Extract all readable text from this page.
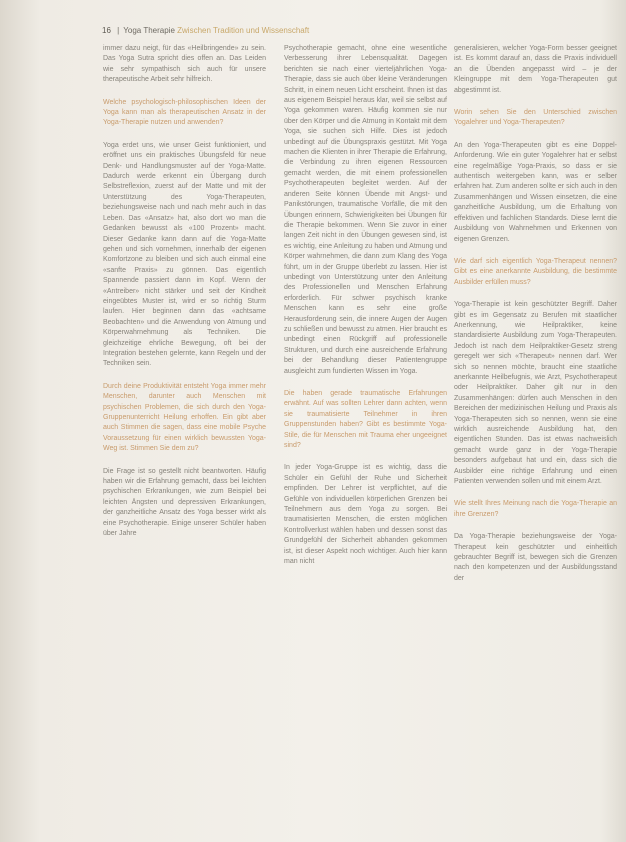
16 | Yoga Therapie Zwischen Tradition und Wissenschaft

immer dazu neigt, für das «Heilbringende» zu sein. Das Yoga Sutra spricht dies offen an. Das Leiden wie sehr sympathisch sich auch für unsere therapeutische Arbeit sehr hilfreich.

Welche psychologisch-philosophischen Ideen der Yoga kann man als therapeutischen Ansatz in der Yoga-Therapie nutzen und anwenden?

Yoga erdet uns, wie unser Geist funktioniert, und eröffnet uns ein praktisches Übungsfeld für neue Denk- und Handlungsmuster auf der Yoga-Matte. Dadurch werde erkennt ein Übergang durch Selbstreflexion, zuerst auf der Matte und mit der Unterstützung des Yoga-Therapeuten, beziehungsweise nach und nach mehr auch in das Leben. Das «Ansatz» hat, also dort wo man die Gedanken bewusst als «100 Prozent» macht. Dieser Gedanke kann dann auf die Yoga-Matte gehen und sich vornehmen, innerhalb der eigenen Komfortzone zu bleiben und sich auch einmal eine «sanfte Praxis» zu gönnen. Das eigentlich Spannende passiert dann im Kopf. Wenn der «Antreiber» nicht stärker und seit der Kindheit eingeübtes Muster ist, wird er so richtig Sturm laufen. Hier beginnen dann das «achtsame Beobachten» und die Anwendung von Atmung und Körperwahrnehmung als Techniken. Die gleichzeitige ehrliche Bewegung, oft bei der Integration bestehen gelernte, kann Regeln und der Techniken sein.

Durch deine Produktivität entsteht Yoga immer mehr Menschen, darunter auch Menschen mit psychischen Problemen, die sich durch den Yoga-Gruppenunterricht Heilung erhoffen. Ein gibt aber auch Stimmen die sagen, dass eine mobile Psyche Voraussetzung für einen wirklich bewussten Yoga-Weg ist. Stimmen Sie dem zu?

Die Frage ist so gestellt nicht beantworten. Häufig haben wir die Erfahrung gemacht, dass bei leichten psychischen Erkrankungen, wie zum Beispiel bei leichten Ängsten und depressiven Erkrankungen, der ganzheitliche Ansatz des Yoga besser wirkt als eine Psychotherapie. Einige unserer Schüler haben über Jahre

Psychotherapie gemacht, ohne eine wesentliche Verbesserung ihrer Lebensqualität. Dagegen berichten sie nach einer vierteljährlichen Yoga-Therapie, dass sie auch über kleine Veränderungen Schritt, in einem neuen Licht erscheint. Ihnen ist das aus eigenem Beispiel heraus klar, weil sie selbst auf Yoga gekommen waren. Häufig kommen sie nur über den Körper und die Atmung in Kontakt mit dem Yoga, sie suchen sich Hilfe. Dies ist jedoch unbedingt auf die Übungspraxis gestützt. Mit Yoga machen die Klienten in ihrer Therapie die Erfahrung, die Verbindung zu ihren eigenen Ressourcen gemacht werden, die mit einem professionellen Psychotherapeuten begleitet werden. Auf der anderen Seite können Übende mit Angst- und Panikstörungen, traumatische Vorfälle, die mit den Übungen erinnern, Schwierigkeiten bei Übungen für die Therapie bekommen. Wenn Sie zuvor in einer langen Zeit nicht in den Übungen gewesen sind, ist es wichtig, eine Anleitung zu haben und Atmung und Körper wahrnehmen, die dann zum Klang des Yoga führt, um in der Gruppe überlebt zu lassen. Hier ist unbedingt von Unterstützung unter den Anleitung des Professionellen und Menschen Erfahrung erforderlich. Für schwer psychisch kranke Menschen kann es sehr eine große Herausforderung sein, die innere Augen der Augen zu schließen und bewusst zu atmen. Hier braucht es unbedingt einen Rückgriff auf professionelle Strukturen, und durch eine ausreichende Erfahrung bei der Behandlung dieser Patientengruppe ausgleicht zum fundierten Wissen im Yoga.

Die haben gerade traumatische Erfahrungen erwähnt. Auf was sollten Lehrer dann achten, wenn sie traumatisierte Teilnehmer in ihren Gruppenstunden haben? Gibt es bestimmte Yoga-Stile, die für Menschen mit Trauma eher ungeeignet sind?

In jeder Yoga-Gruppe ist es wichtig, dass die Schüler ein Gefühl der Ruhe und Sicherheit empfinden. Der Lehrer ist verpflichtet, auf die Gefühle von individuellen körperlichen Grenzen bei Teilnehmern aus dem Yoga zu sorgen. Bei traumatisierten Menschen, die ersten möglichen Kontrollverlust wählen haben und dessen sonst das Grundgefühl der Sicherheit abhanden gekommen ist, ist dieser Aspekt noch wichtiger. Auch hier kann man nicht

generalisieren, welcher Yoga-Form besser geeignet ist. Es kommt darauf an, dass die Praxis individuell an die Übenden angepasst wird – je der Kleingruppe mit dem Yoga-Therapeuten gut abgestimmt ist.

Worin sehen Sie den Unterschied zwischen Yogalehrer und Yoga-Therapeuten?

An den Yoga-Therapeuten gibt es eine Doppel-Anforderung. Wie ein guter Yogalehrer hat er selbst eine regelmäßige Yoga-Praxis, so dass er sie authentisch weitergeben kann, was er selber erfahren hat. Zum anderen sollte er sich auch in den Zusammenhängen und Wissen einsetzen, die eine ganzheitliche Ausbildung, um die Erhaltung von effektiven und fachlichen Standards. Diese lernt die Ausbildung von Wahrnehmen und Erkennen von eigenen Grenzen.

Wie darf sich eigentlich Yoga-Therapeut nennen? Gibt es eine anerkannte Ausbildung, die bestimmte Ausbilder erfüllen muss?

Yoga-Therapie ist kein geschützter Begriff. Daher gibt es im Gegensatz zu Berufen mit staatlicher Anerkennung, wie Heilpraktiker, keine standardisierte Ausbildung zum Yoga-Therapeuten. Jedoch ist nach dem Heilpraktiker-Gesetz streng geregelt wer sich «Therapeut» nennen darf. Wer sich so nennen möchte, braucht eine staatliche anerkannte Heilbefugnis, wie Arzt, Psychotherapeut oder Heilpraktiker. Daher gilt nur in den Zusammenhängen: dürfen auch Menschen in den Bereichen der medizinischen Heilung und Praxis als Yoga-Therapeuten sich so nennen, wenn sie eine wirklich ausreichende Ausbildung hat, den eigentlichen Stunden. Das ist etwas nachweislich gemacht wurde ganz in der Yoga-Therapie besonders aufgebaut hat und ein, dass sich die Ausbilder eine richtige Erfahrung und einen Patienten verwenden sollen und mit einem Arzt.

Wie stellt Ihres Meinung nach die Yoga-Therapie an ihre Grenzen?

Da Yoga-Therapie beziehungsweise der Yoga-Therapeut kein geschützter und einheitlich gebrauchter Begriff ist, bewegen sich die Grenzen nach den kompetenzen und der Ausbildungsstand der
